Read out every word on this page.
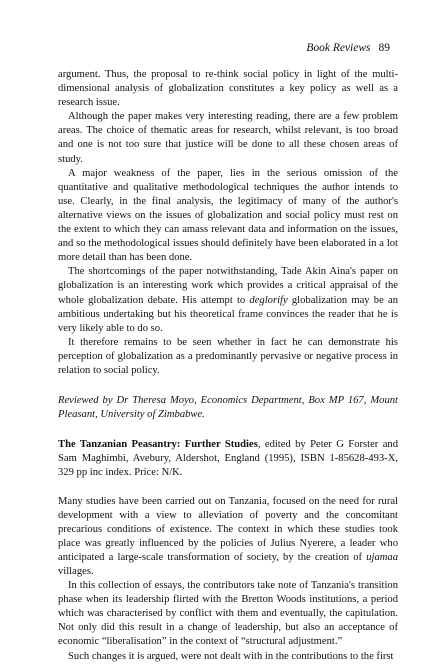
Book Reviews 89

argument. Thus, the proposal to re-think social policy in light of the multi-dimensional analysis of globalization constitutes a key policy as well as a research issue.

Although the paper makes very interesting reading, there are a few problem areas. The choice of thematic areas for research, whilst relevant, is too broad and one is not too sure that justice will be done to all these chosen areas of study.

A major weakness of the paper, lies in the serious omission of the quantitative and qualitative methodological techniques the author intends to use. Clearly, in the final analysis, the legitimacy of many of the author's alternative views on the issues of globalization and social policy must rest on the extent to which they can amass relevant data and information on the issues, and so the methodological issues should definitely have been elaborated in a lot more detail than has been done.

The shortcomings of the paper notwithstanding, Tade Akin Aina's paper on globalization is an interesting work which provides a critical appraisal of the whole globalization debate. His attempt to deglorify globalization may be an ambitious undertaking but his theoretical frame convinces the reader that he is very likely able to do so.

It therefore remains to be seen whether in fact he can demonstrate his perception of globalization as a predominantly pervasive or negative process in relation to social policy.

Reviewed by Dr Theresa Moyo, Economics Department, Box MP 167, Mount Pleasant, University of Zimbabwe.

The Tanzanian Peasantry: Further Studies, edited by Peter G Forster and Sam Maghimbi, Avebury, Aldershot, England (1995), ISBN 1-85628-493-X, 329 pp inc index. Price: N/K.

Many studies have been carried out on Tanzania, focused on the need for rural development with a view to alleviation of poverty and the concomitant precarious conditions of existence. The context in which these studies took place was greatly influenced by the policies of Julius Nyerere, a leader who anticipated a large-scale transformation of society, by the creation of ujamaa villages.

In this collection of essays, the contributors take note of Tanzania's transition phase when its leadership flirted with the Bretton Woods institutions, a period which was characterised by conflict with them and eventually, the capitulation. Not only did this result in a change of leadership, but also an acceptance of economic “liberalisation” in the context of “structural adjustment.”

Such changes it is argued, were not dealt with in the contributions to the first
